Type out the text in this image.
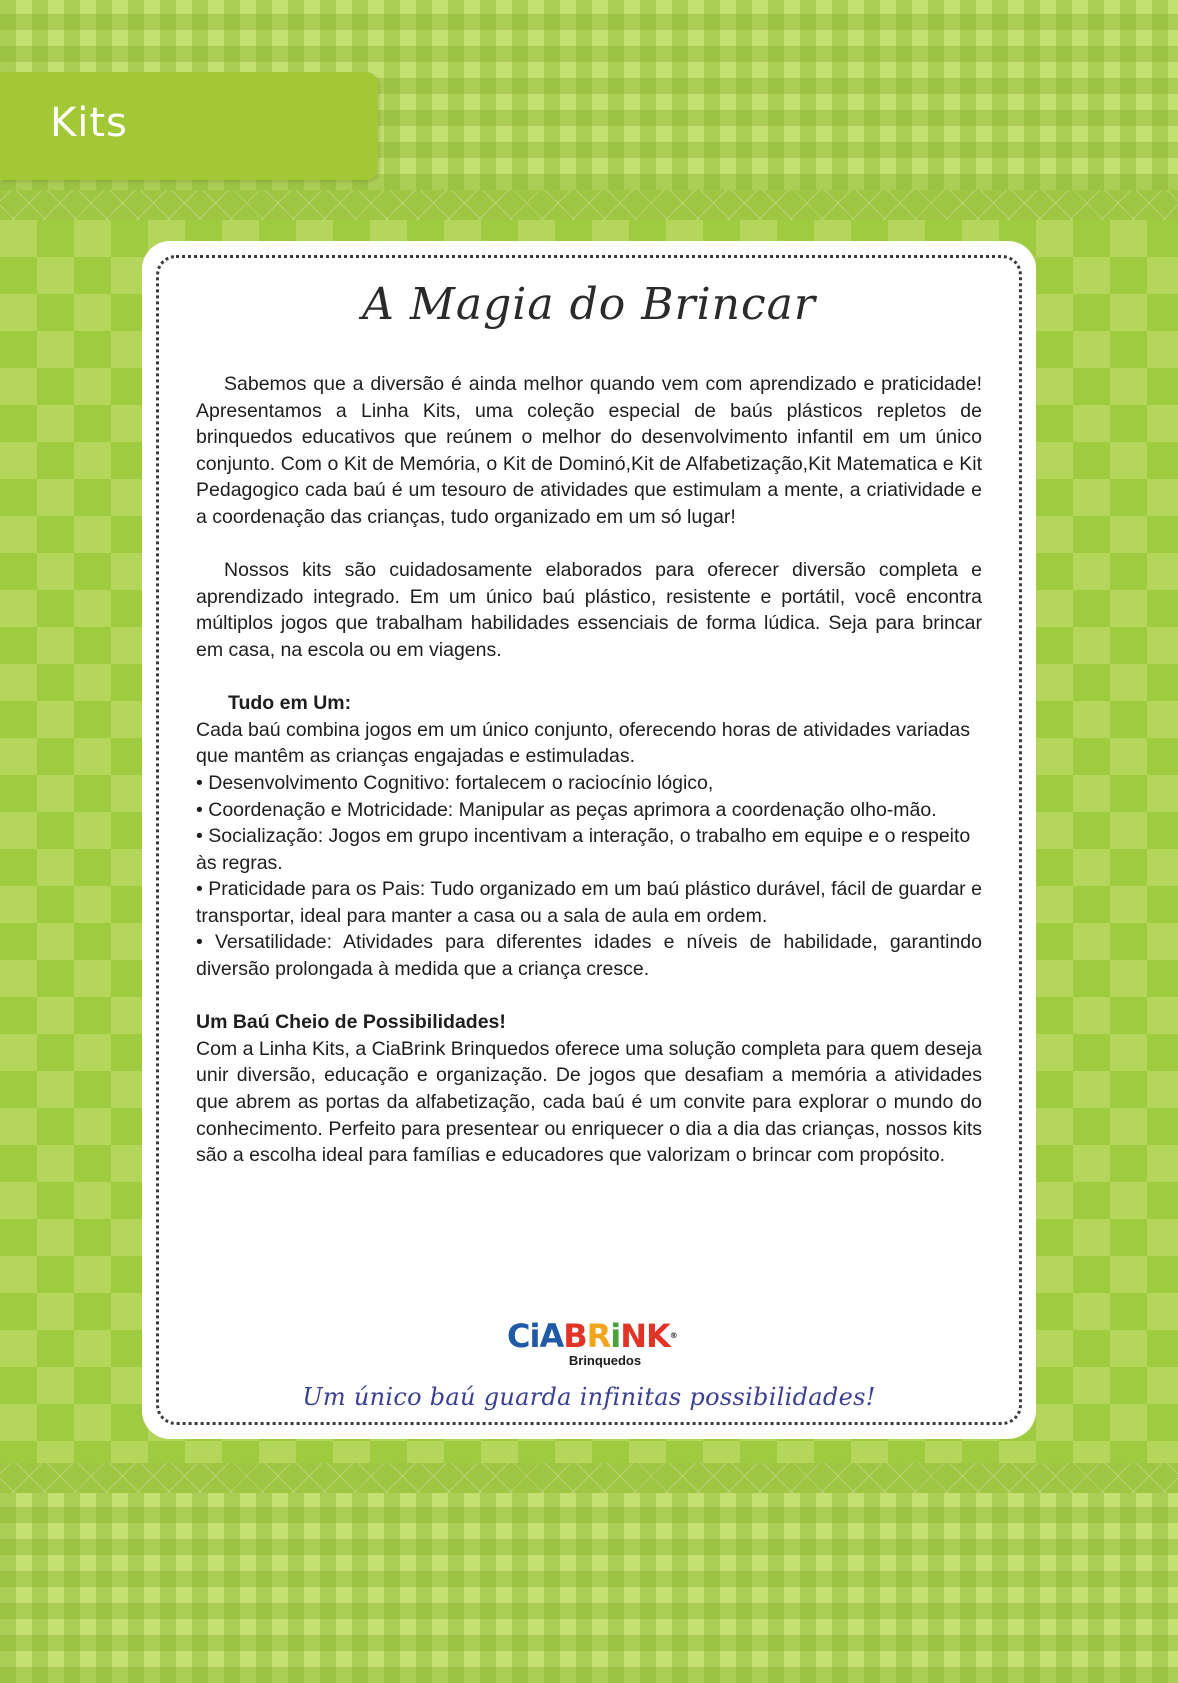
Kits
A Magia do Brincar

Sabemos que a diversão é ainda melhor quando vem com aprendizado e praticidade! Apresentamos a Linha Kits, uma coleção especial de baús plásticos repletos de brinquedos educativos que reúnem o melhor do desenvolvimento infantil em um único conjunto. Com o Kit de Memória, o Kit de Dominó,Kit de Alfabetização,Kit Matematica e Kit Pedagogico cada baú é um tesouro de atividades que estimulam a mente, a criatividade e a coordenação das crianças, tudo organizado em um só lugar!

Nossos kits são cuidadosamente elaborados para oferecer diversão completa e aprendizado integrado. Em um único baú plástico, resistente e portátil, você encontra múltiplos jogos que trabalham habilidades essenciais de forma lúdica. Seja para brincar em casa, na escola ou em viagens.

Tudo em Um:

Cada baú combina jogos em um único conjunto, oferecendo horas de atividades variadas que mantêm as crianças engajadas e estimuladas.

• Desenvolvimento Cognitivo: fortalecem o raciocínio lógico,

• Coordenação e Motricidade: Manipular as peças aprimora a coordenação olho-mão.

• Socialização: Jogos em grupo incentivam a interação, o trabalho em equipe e o respeito às regras.

• Praticidade para os Pais: Tudo organizado em um baú plástico durável, fácil de guardar e transportar, ideal para manter a casa ou a sala de aula em ordem.

• Versatilidade: Atividades para diferentes idades e níveis de habilidade, garantindo diversão prolongada à medida que a criança cresce.

Um Baú Cheio de Possibilidades!

Com a Linha Kits, a CiaBrink Brinquedos oferece uma solução completa para quem deseja unir diversão, educação e organização. De jogos que desafiam a memória a atividades que abrem as portas da alfabetização, cada baú é um convite para explorar o mundo do conhecimento. Perfeito para presentear ou enriquecer o dia a dia das crianças, nossos kits são a escolha ideal para famílias e educadores que valorizam o brincar com propósito.

CiABRiNK®
Brinquedos
Um único baú guarda infinitas possibilidades!
